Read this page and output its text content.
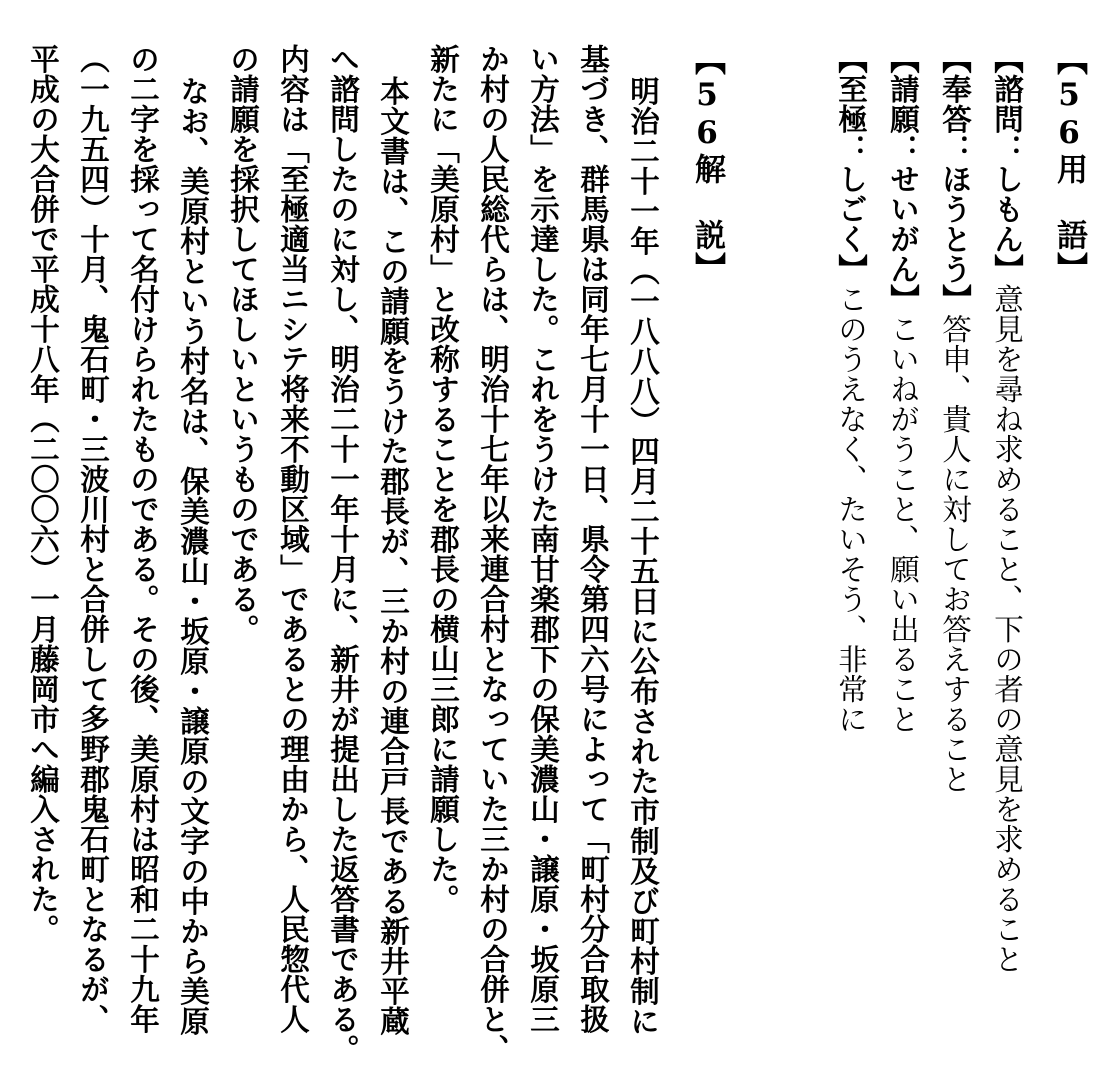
【56用　語】
【諮問：しもん】意見を尋ね求めること、下の者の意見を求めること
【奉答：ほうとう】答申、貴人に対してお答えすること
【請願：せいがん】こいねがうこと、願い出ること
【至極：しごく】このうえなく、たいそう、非常に
【56解　説】
明治二十一年（一八八八）四月二十五日に公布された市制及び町村制に
基づき、群馬県は同年七月十一日、県令第四六号によって「町村分合取扱
い方法」を示達した。これをうけた南甘楽郡下の保美濃山・譲原・坂原三
か村の人民総代らは、明治十七年以来連合村となっていた三か村の合併と、
新たに「美原村」と改称することを郡長の横山三郎に請願した。
本文書は、この請願をうけた郡長が、三か村の連合戸長である新井平蔵
へ諮問したのに対し、明治二十一年十月に、新井が提出した返答書である。
内容は「至極適当ニシテ将来不動区域」であるとの理由から、人民惣代人
の請願を採択してほしいというものである。
なお、美原村という村名は、保美濃山・坂原・譲原の文字の中から美原
の二字を採って名付けられたものである。その後、美原村は昭和二十九年
（一九五四）十月、鬼石町・三波川村と合併して多野郡鬼石町となるが、
平成の大合併で平成十八年（二〇〇六）一月藤岡市へ編入された。
